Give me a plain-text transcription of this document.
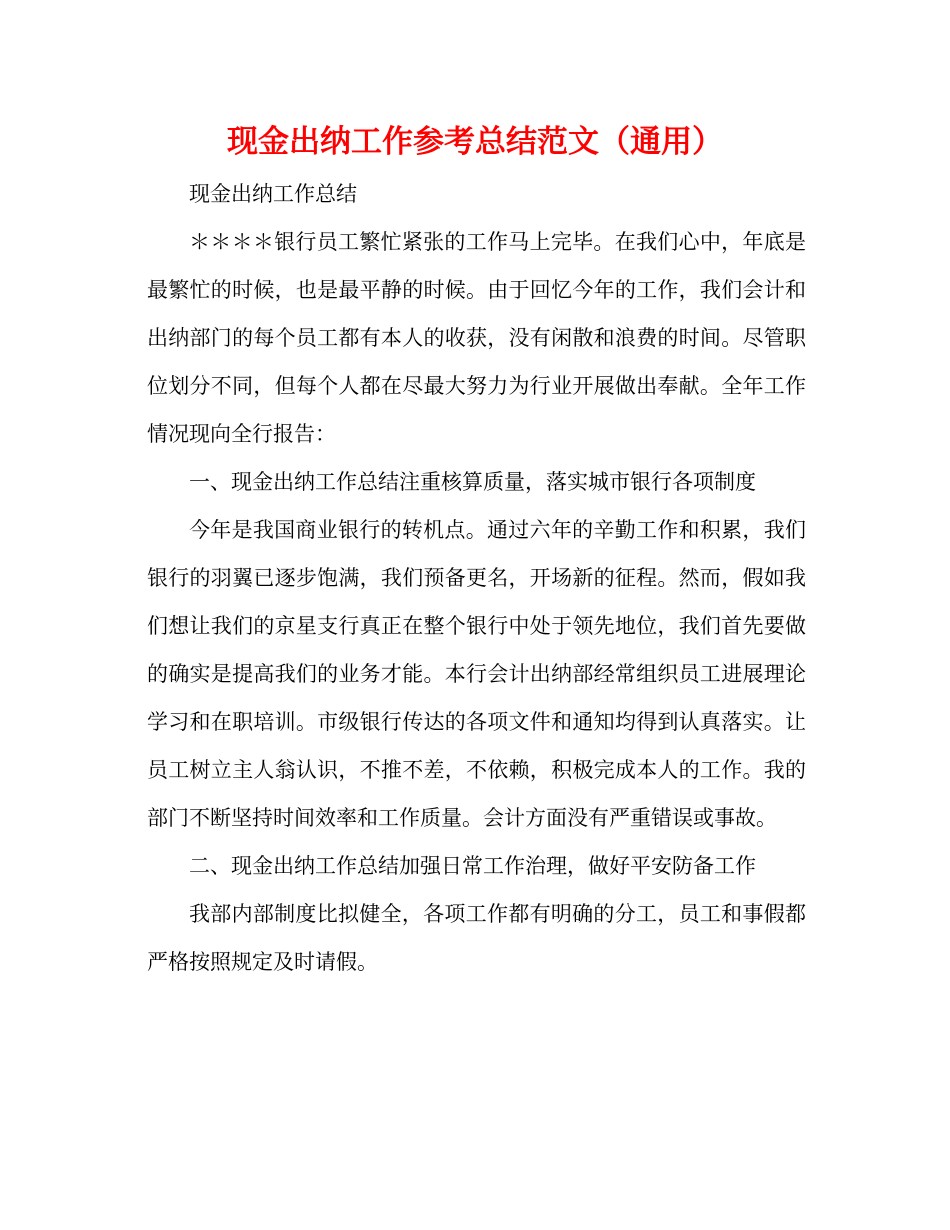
现金出纳工作参考总结范文（通用）

现金出纳工作总结

＊＊＊＊银行员工繁忙紧张的工作马上完毕。在我们心中，年底是最繁忙的时候，也是最平静的时候。由于回忆今年的工作，我们会计和出纳部门的每个员工都有本人的收获，没有闲散和浪费的时间。尽管职位划分不同，但每个人都在尽最大努力为行业开展做出奉献。全年工作情况现向全行报告：

一、现金出纳工作总结注重核算质量，落实城市银行各项制度

今年是我国商业银行的转机点。通过六年的辛勤工作和积累，我们银行的羽翼已逐步饱满，我们预备更名，开场新的征程。然而，假如我们想让我们的京星支行真正在整个银行中处于领先地位，我们首先要做的确实是提高我们的业务才能。本行会计出纳部经常组织员工进展理论学习和在职培训。市级银行传达的各项文件和通知均得到认真落实。让员工树立主人翁认识，不推不差，不依赖，积极完成本人的工作。我的部门不断坚持时间效率和工作质量。会计方面没有严重错误或事故。

二、现金出纳工作总结加强日常工作治理，做好平安防备工作

我部内部制度比拟健全，各项工作都有明确的分工，员工和事假都严格按照规定及时请假。
